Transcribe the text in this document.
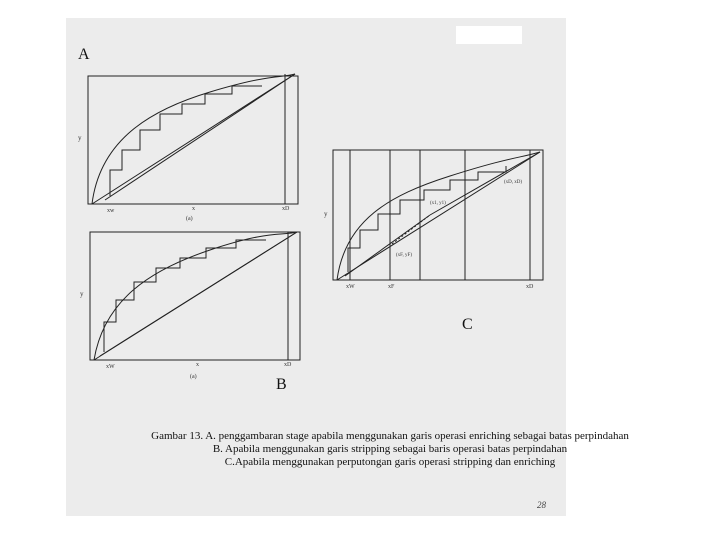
y
xw	x
(a)
xD
y
xW	x
(a)
xD
y
xW	xF	xD
(xD, xD)
(x1, y1)
(xF, yF)
A
B
C
Gambar 13. A. penggambaran stage apabila menggunakan garis operasi enriching sebagai batas perpindahan
B. Apabila menggunakan garis stripping sebagai baris operasi batas perpindahan
C.Apabila menggunakan perputongan garis operasi stripping dan enriching
28
